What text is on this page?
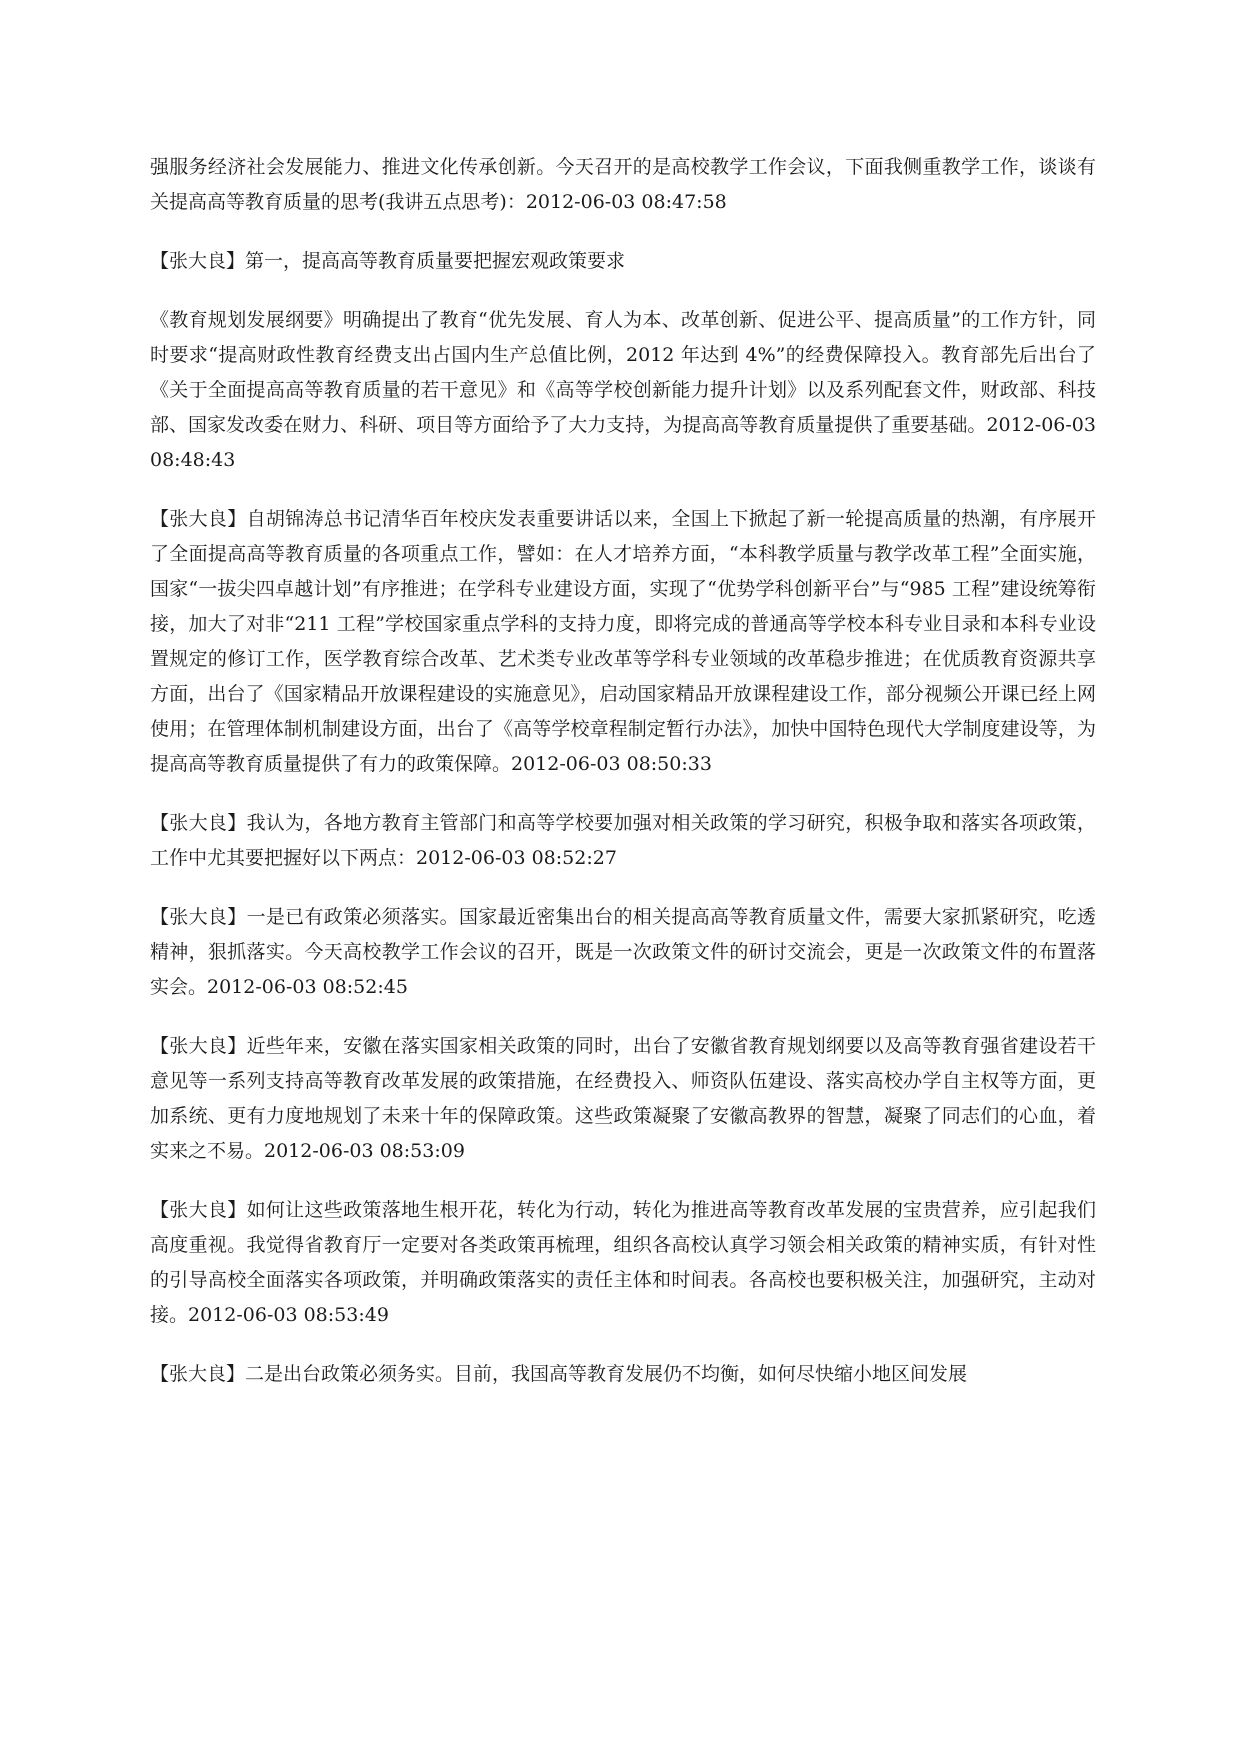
强服务经济社会发展能力、推进文化传承创新。今天召开的是高校教学工作会议，下面我侧重教学工作，谈谈有关提高高等教育质量的思考(我讲五点思考)：2012-06-03 08:47:58

【张大良】第一，提高高等教育质量要把握宏观政策要求

《教育规划发展纲要》明确提出了教育“优先发展、育人为本、改革创新、促进公平、提高质量”的工作方针，同时要求“提高财政性教育经费支出占国内生产总值比例，2012 年达到 4%”的经费保障投入。教育部先后出台了《关于全面提高高等教育质量的若干意见》和《高等学校创新能力提升计划》以及系列配套文件，财政部、科技部、国家发改委在财力、科研、项目等方面给予了大力支持，为提高高等教育质量提供了重要基础。2012-06-03 08:48:43

【张大良】自胡锦涛总书记清华百年校庆发表重要讲话以来，全国上下掀起了新一轮提高质量的热潮，有序展开了全面提高高等教育质量的各项重点工作，譬如：在人才培养方面，“本科教学质量与教学改革工程”全面实施，国家“一拔尖四卓越计划”有序推进；在学科专业建设方面，实现了“优势学科创新平台”与“985 工程”建设统筹衔接，加大了对非“211 工程”学校国家重点学科的支持力度，即将完成的普通高等学校本科专业目录和本科专业设置规定的修订工作，医学教育综合改革、艺术类专业改革等学科专业领域的改革稳步推进；在优质教育资源共享方面，出台了《国家精品开放课程建设的实施意见》，启动国家精品开放课程建设工作，部分视频公开课已经上网使用；在管理体制机制建设方面，出台了《高等学校章程制定暂行办法》，加快中国特色现代大学制度建设等，为提高高等教育质量提供了有力的政策保障。2012-06-03 08:50:33

【张大良】我认为，各地方教育主管部门和高等学校要加强对相关政策的学习研究，积极争取和落实各项政策，工作中尤其要把握好以下两点：2012-06-03 08:52:27

【张大良】一是已有政策必须落实。国家最近密集出台的相关提高高等教育质量文件，需要大家抓紧研究，吃透精神，狠抓落实。今天高校教学工作会议的召开，既是一次政策文件的研讨交流会，更是一次政策文件的布置落实会。2012-06-03 08:52:45

【张大良】近些年来，安徽在落实国家相关政策的同时，出台了安徽省教育规划纲要以及高等教育强省建设若干意见等一系列支持高等教育改革发展的政策措施，在经费投入、师资队伍建设、落实高校办学自主权等方面，更加系统、更有力度地规划了未来十年的保障政策。这些政策凝聚了安徽高教界的智慧，凝聚了同志们的心血，着实来之不易。2012-06-03 08:53:09

【张大良】如何让这些政策落地生根开花，转化为行动，转化为推进高等教育改革发展的宝贵营养，应引起我们高度重视。我觉得省教育厅一定要对各类政策再梳理，组织各高校认真学习领会相关政策的精神实质，有针对性的引导高校全面落实各项政策，并明确政策落实的责任主体和时间表。各高校也要积极关注，加强研究，主动对接。2012-06-03 08:53:49

【张大良】二是出台政策必须务实。目前，我国高等教育发展仍不均衡，如何尽快缩小地区间发展
